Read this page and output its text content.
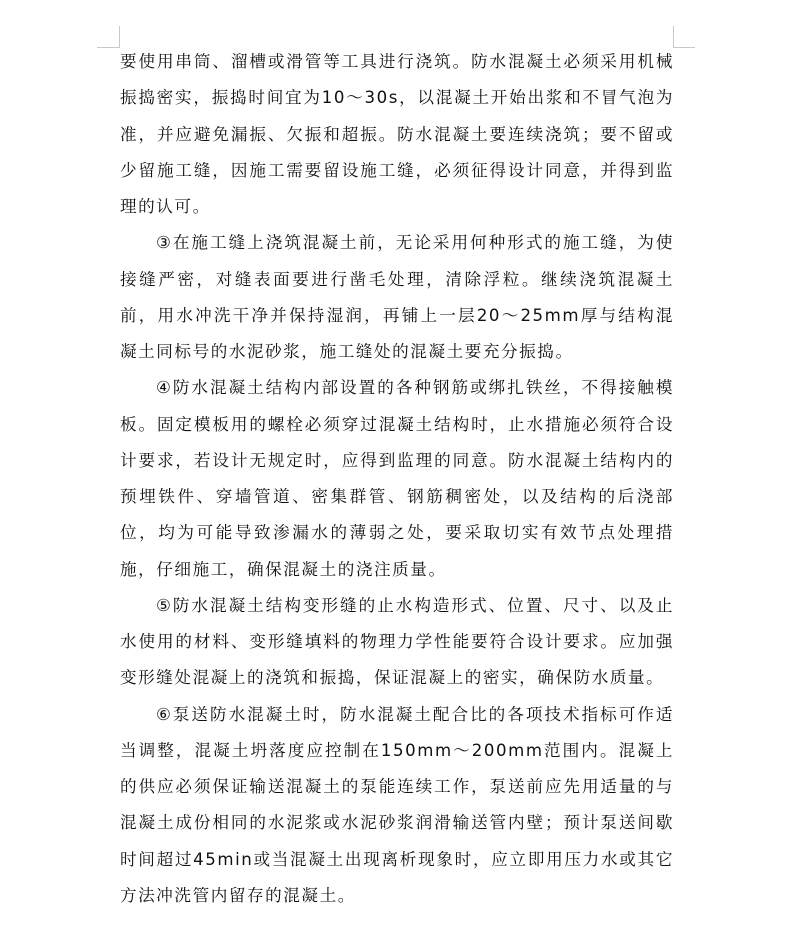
要使用串筒、溜槽或滑管等工具进行浇筑。防水混凝土必须采用机械振捣密实，振捣时间宜为10～30s，以混凝土开始出浆和不冒气泡为准，并应避免漏振、欠振和超振。防水混凝土要连续浇筑；要不留或少留施工缝，因施工需要留设施工缝，必须征得设计同意，并得到监理的认可。

③在施工缝上浇筑混凝土前，无论采用何种形式的施工缝，为使接缝严密，对缝表面要进行凿毛处理，清除浮粒。继续浇筑混凝土前，用水冲洗干净并保持湿润，再铺上一层20～25mm厚与结构混凝土同标号的水泥砂浆，施工缝处的混凝土要充分振捣。

④防水混凝土结构内部设置的各种钢筋或绑扎铁丝，不得接触模板。固定模板用的螺栓必须穿过混凝土结构时，止水措施必须符合设计要求，若设计无规定时，应得到监理的同意。防水混凝土结构内的预埋铁件、穿墙管道、密集群管、钢筋稠密处，以及结构的后浇部位，均为可能导致渗漏水的薄弱之处，要采取切实有效节点处理措施，仔细施工，确保混凝土的浇注质量。

⑤防水混凝土结构变形缝的止水构造形式、位置、尺寸、以及止水使用的材料、变形缝填料的物理力学性能要符合设计要求。应加强变形缝处混凝上的浇筑和振捣，保证混凝上的密实，确保防水质量。

⑥泵送防水混凝土时，防水混凝土配合比的各项技术指标可作适当调整，混凝土坍落度应控制在150mm～200mm范围内。混凝上的供应必须保证输送混凝土的泵能连续工作，泵送前应先用适量的与混凝土成份相同的水泥浆或水泥砂浆润滑输送管内壁；预计泵送间歇时间超过45min或当混凝土出现离析现象时，应立即用压力水或其它方法冲洗管内留存的混凝土。
